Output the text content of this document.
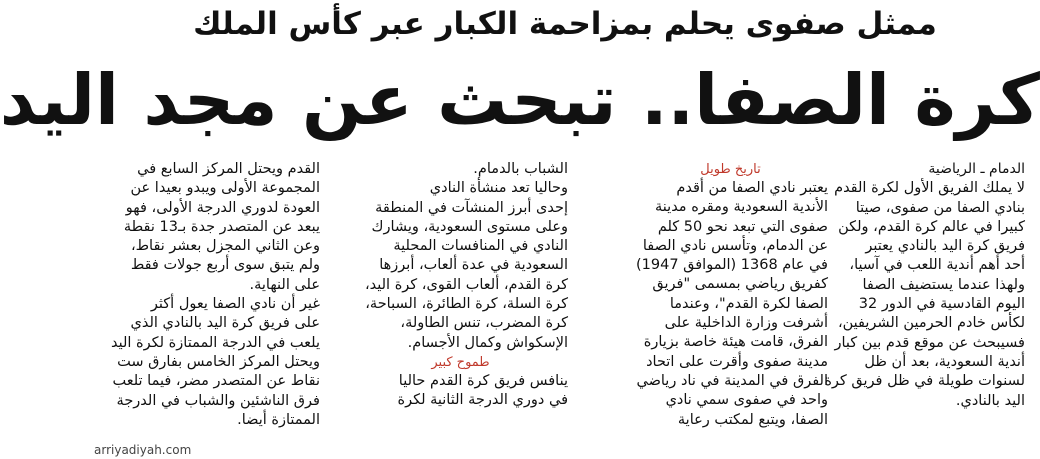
ممثل صفوى يحلم بمزاحمة الكبار عبر كأس الملك
كرة الصفا.. تبحث عن مجد اليد
الدمام ـ الرياضية
لا يملك الفريق الأول لكرة القدم
بنادي الصفا من صفوى، صيتا
كبيرا في عالم كرة القدم، ولكن
فريق كرة اليد بالنادي يعتبر
أحد أهم أندية اللعب في آسيا،
ولهذا عندما يستضيف الصفا
اليوم القادسية في الدور 32
لكأس خادم الحرمين الشريفين،
فسيبحث عن موقع قدم بين كبار
أندية السعودية، بعد أن ظل
لسنوات طويلة في ظل فريق كرة
اليد بالنادي.
تاريخ طويل
يعتبر نادي الصفا من أقدم
الأندية السعودية ومقره مدينة
صفوى التي تبعد نحو 50 كلم
عن الدمام، وتأسس نادي الصفا
في عام 1368 (الموافق 1947)
كفريق رياضي بمسمى "فريق
الصفا لكرة القدم"، وعندما
أشرفت وزارة الداخلية على
الفرق، قامت هيئة خاصة بزيارة
مدينة صفوى وأقرت على اتحاد
الفرق في المدينة في ناد رياضي
واحد في صفوى سمي نادي
الصفا، ويتبع لمكتب رعاية
الشباب بالدمام.
وحاليا تعد منشأة النادي
إحدى أبرز المنشآت في المنطقة
وعلى مستوى السعودية، ويشارك
النادي في المنافسات المحلية
السعودية في عدة ألعاب، أبرزها
كرة القدم، ألعاب القوى، كرة اليد،
كرة السلة، كرة الطائرة، السباحة،
كرة المضرب، تنس الطاولة،
الإسكواش وكمال الأجسام.
طموح كبير
ينافس فريق كرة القدم حاليا
في دوري الدرجة الثانية لكرة
القدم ويحتل المركز السابع في
المجموعة الأولى ويبدو بعيدا عن
العودة لدوري الدرجة الأولى، فهو
يبعد عن المتصدر جدة بـ13 نقطة
وعن الثاني المجزل بعشر نقاط،
ولم يتبق سوى أربع جولات فقط
على النهاية.
غير أن نادي الصفا يعول أكثر
على فريق كرة اليد بالنادي الذي
يلعب في الدرجة الممتازة لكرة اليد
ويحتل المركز الخامس بفارق ست
نقاط عن المتصدر مضر، فيما تلعب
فرق الناشئين والشباب في الدرجة
الممتازة أيضا.
arriyadiyah.com
